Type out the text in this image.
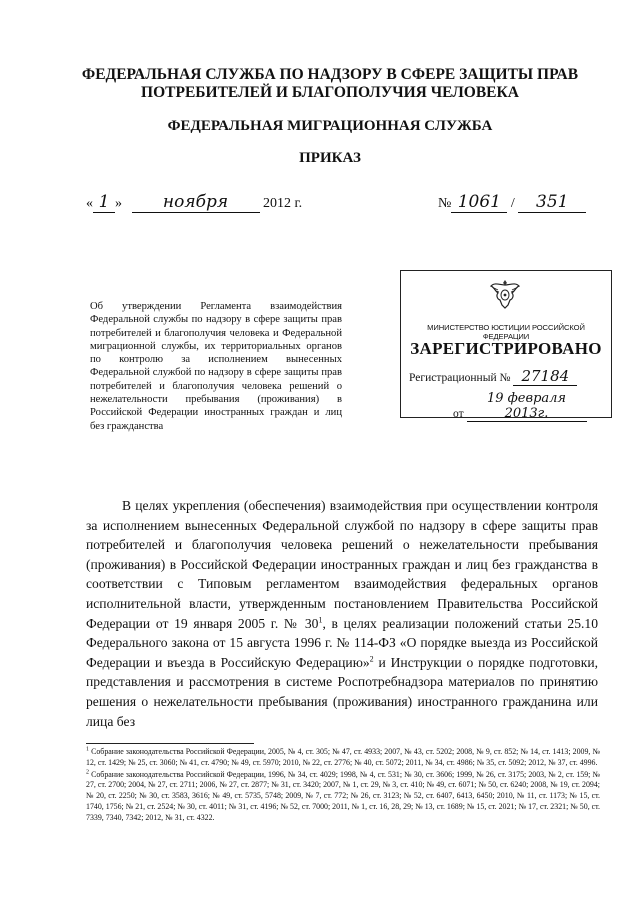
ФЕДЕРАЛЬНАЯ СЛУЖБА ПО НАДЗОРУ В СФЕРЕ ЗАЩИТЫ ПРАВ ПОТРЕБИТЕЛЕЙ И БЛАГОПОЛУЧИЯ ЧЕЛОВЕКА
ФЕДЕРАЛЬНАЯ МИГРАЦИОННАЯ СЛУЖБА
ПРИКАЗ
« 1 » ноября 2012 г.	№ 1061 / 351
Об утверждении Регламента взаимодействия Федеральной службы по надзору в сфере защиты прав потребителей и благополучия человека и Федеральной миграционной службы, их территориальных органов по контролю за исполнением вынесенных Федеральной службой по надзору в сфере защиты прав потребителей и благополучия человека решений о нежелательности пребывания (проживания) в Российской Федерации иностранных граждан и лиц без гражданства
МИНИСТЕРСТВО ЮСТИЦИИ РОССИЙСКОЙ ФЕДЕРАЦИИ
ЗАРЕГИСТРИРОВАНО
Регистрационный № 27184
от 19 февраля 2013г.
В целях укрепления (обеспечения) взаимодействия при осуществлении контроля за исполнением вынесенных Федеральной службой по надзору в сфере защиты прав потребителей и благополучия человека решений о нежелательности пребывания (проживания) в Российской Федерации иностранных граждан и лиц без гражданства в соответствии с Типовым регламентом взаимодействия федеральных органов исполнительной власти, утвержденным постановлением Правительства Российской Федерации от 19 января 2005 г. № $30^1$, в целях реализации положений статьи 25.10 Федерального закона от 15 августа 1996 г. № 114-ФЗ «О порядке выезда из Российской Федерации и въезда в Российскую Федерацию»$^2$ и Инструкции о порядке подготовки, представления и рассмотрения в системе Роспотребнадзора материалов по принятию решения о нежелательности пребывания (проживания) иностранного гражданина или лица без
$^1$ Собрание законодательства Российской Федерации, 2005, № 4, ст. 305; № 47, ст. 4933; 2007, № 43, ст. 5202; 2008, № 9, ст. 852; № 14, ст. 1413; 2009, № 12, ст. 1429; № 25, ст. 3060; № 41, ст. 4790; № 49, ст. 5970; 2010, № 22, ст. 2776; № 40, ст. 5072; 2011, № 34, ст. 4986; № 35, ст. 5092; 2012, № 37, ст. 4996.
$^2$ Собрание законодательства Российской Федерации, 1996, № 34, ст. 4029; 1998, № 4, ст. 531; № 30, ст. 3606; 1999, № 26, ст. 3175; 2003, № 2, ст. 159; № 27, ст. 2700; 2004, № 27, ст. 2711; 2006, № 27, ст. 2877; № 31, ст. 3420; 2007, № 1, ст. 29, № 3, ст. 410; № 49, ст. 6071; № 50, ст. 6240; 2008, № 19, ст. 2094; № 20, ст. 2250; № 30, ст. 3583, 3616; № 49, ст. 5735, 5748; 2009, № 7, ст. 772; № 26, ст. 3123; № 52, ст. 6407, 6413, 6450; 2010, № 11, ст. 1173; № 15, ст. 1740, 1756; № 21, ст. 2524; № 30, ст. 4011; № 31, ст. 4196; № 52, ст. 7000; 2011, № 1, ст. 16, 28, 29; № 13, ст. 1689; № 15, ст. 2021; № 17, ст. 2321; № 50, ст. 7339, 7340, 7342; 2012, № 31, ст. 4322.
